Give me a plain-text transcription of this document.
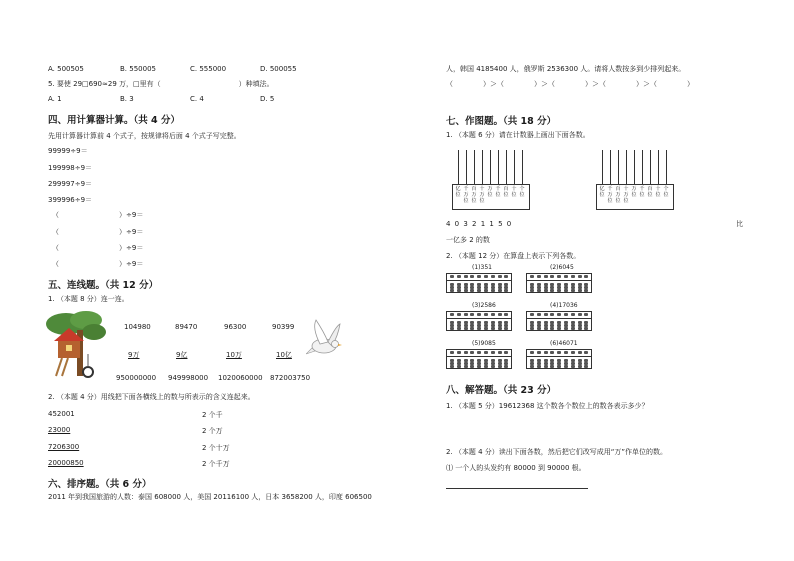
A. 500505	B. 550005	C. 555000	D. 500055
5. 要使 29□690≈29 万，□里有（	）种填法。
A. 1	B. 3	C. 4	D. 5
四、用计算器计算。（共 4 分）
先用计算器计算前 4 个式子，按规律将后面 4 个式子写完整。
99999÷9＝
199998÷9＝
299997÷9＝
399996÷9＝
（	）÷9＝
（	）÷9＝
（	）÷9＝
（	）÷9＝
五、连线题。（共 12 分）
1. （本题 8 分）连一连。
104980	89470	96300	90399
9万	9亿	10万	10亿
950000000 949998000 1020060000 872003750
2. （本题 4 分）用线把下面各横线上的数与所表示的含义连起来。
452001
23000
7206300
20000850
2 个千
2 个万
2 个十万
2 个千万
六、排序题。（共 6 分）
2011 年到我国旅游的人数：泰国 608000 人，美国 20116100 人，日本 3658200 人，印度 606500
人，韩国 4185400 人，俄罗斯 2536300 人。请将人数按多到少排列起来。
（	）＞（	）＞（	）＞（	）＞（	）
七、作图题。（共 18 分）
1. （本题 6 分）请在计数器上画出下面各数。
亿位
千万位
百万位
十万位
万位
千位
百位
十位
个位
亿位
千万位
百万位
十万位
万位
千位
百位
十位
个位
4 0 3 2 1 1 5 0	比
一亿多 2 的数
2. （本题 12 分）在算盘上表示下列各数。
(1)351	(2)6045
(3)2586	(4)17036
(5)9085	(6)46071
八、解答题。（共 23 分）
1. （本题 5 分）19612368 这个数各个数位上的数各表示多少？
2. （本题 4 分）读出下面各数，然后把它们改写成用“万”作单位的数。
⑴ 一个人的头发约有 80000 到 90000 根。
